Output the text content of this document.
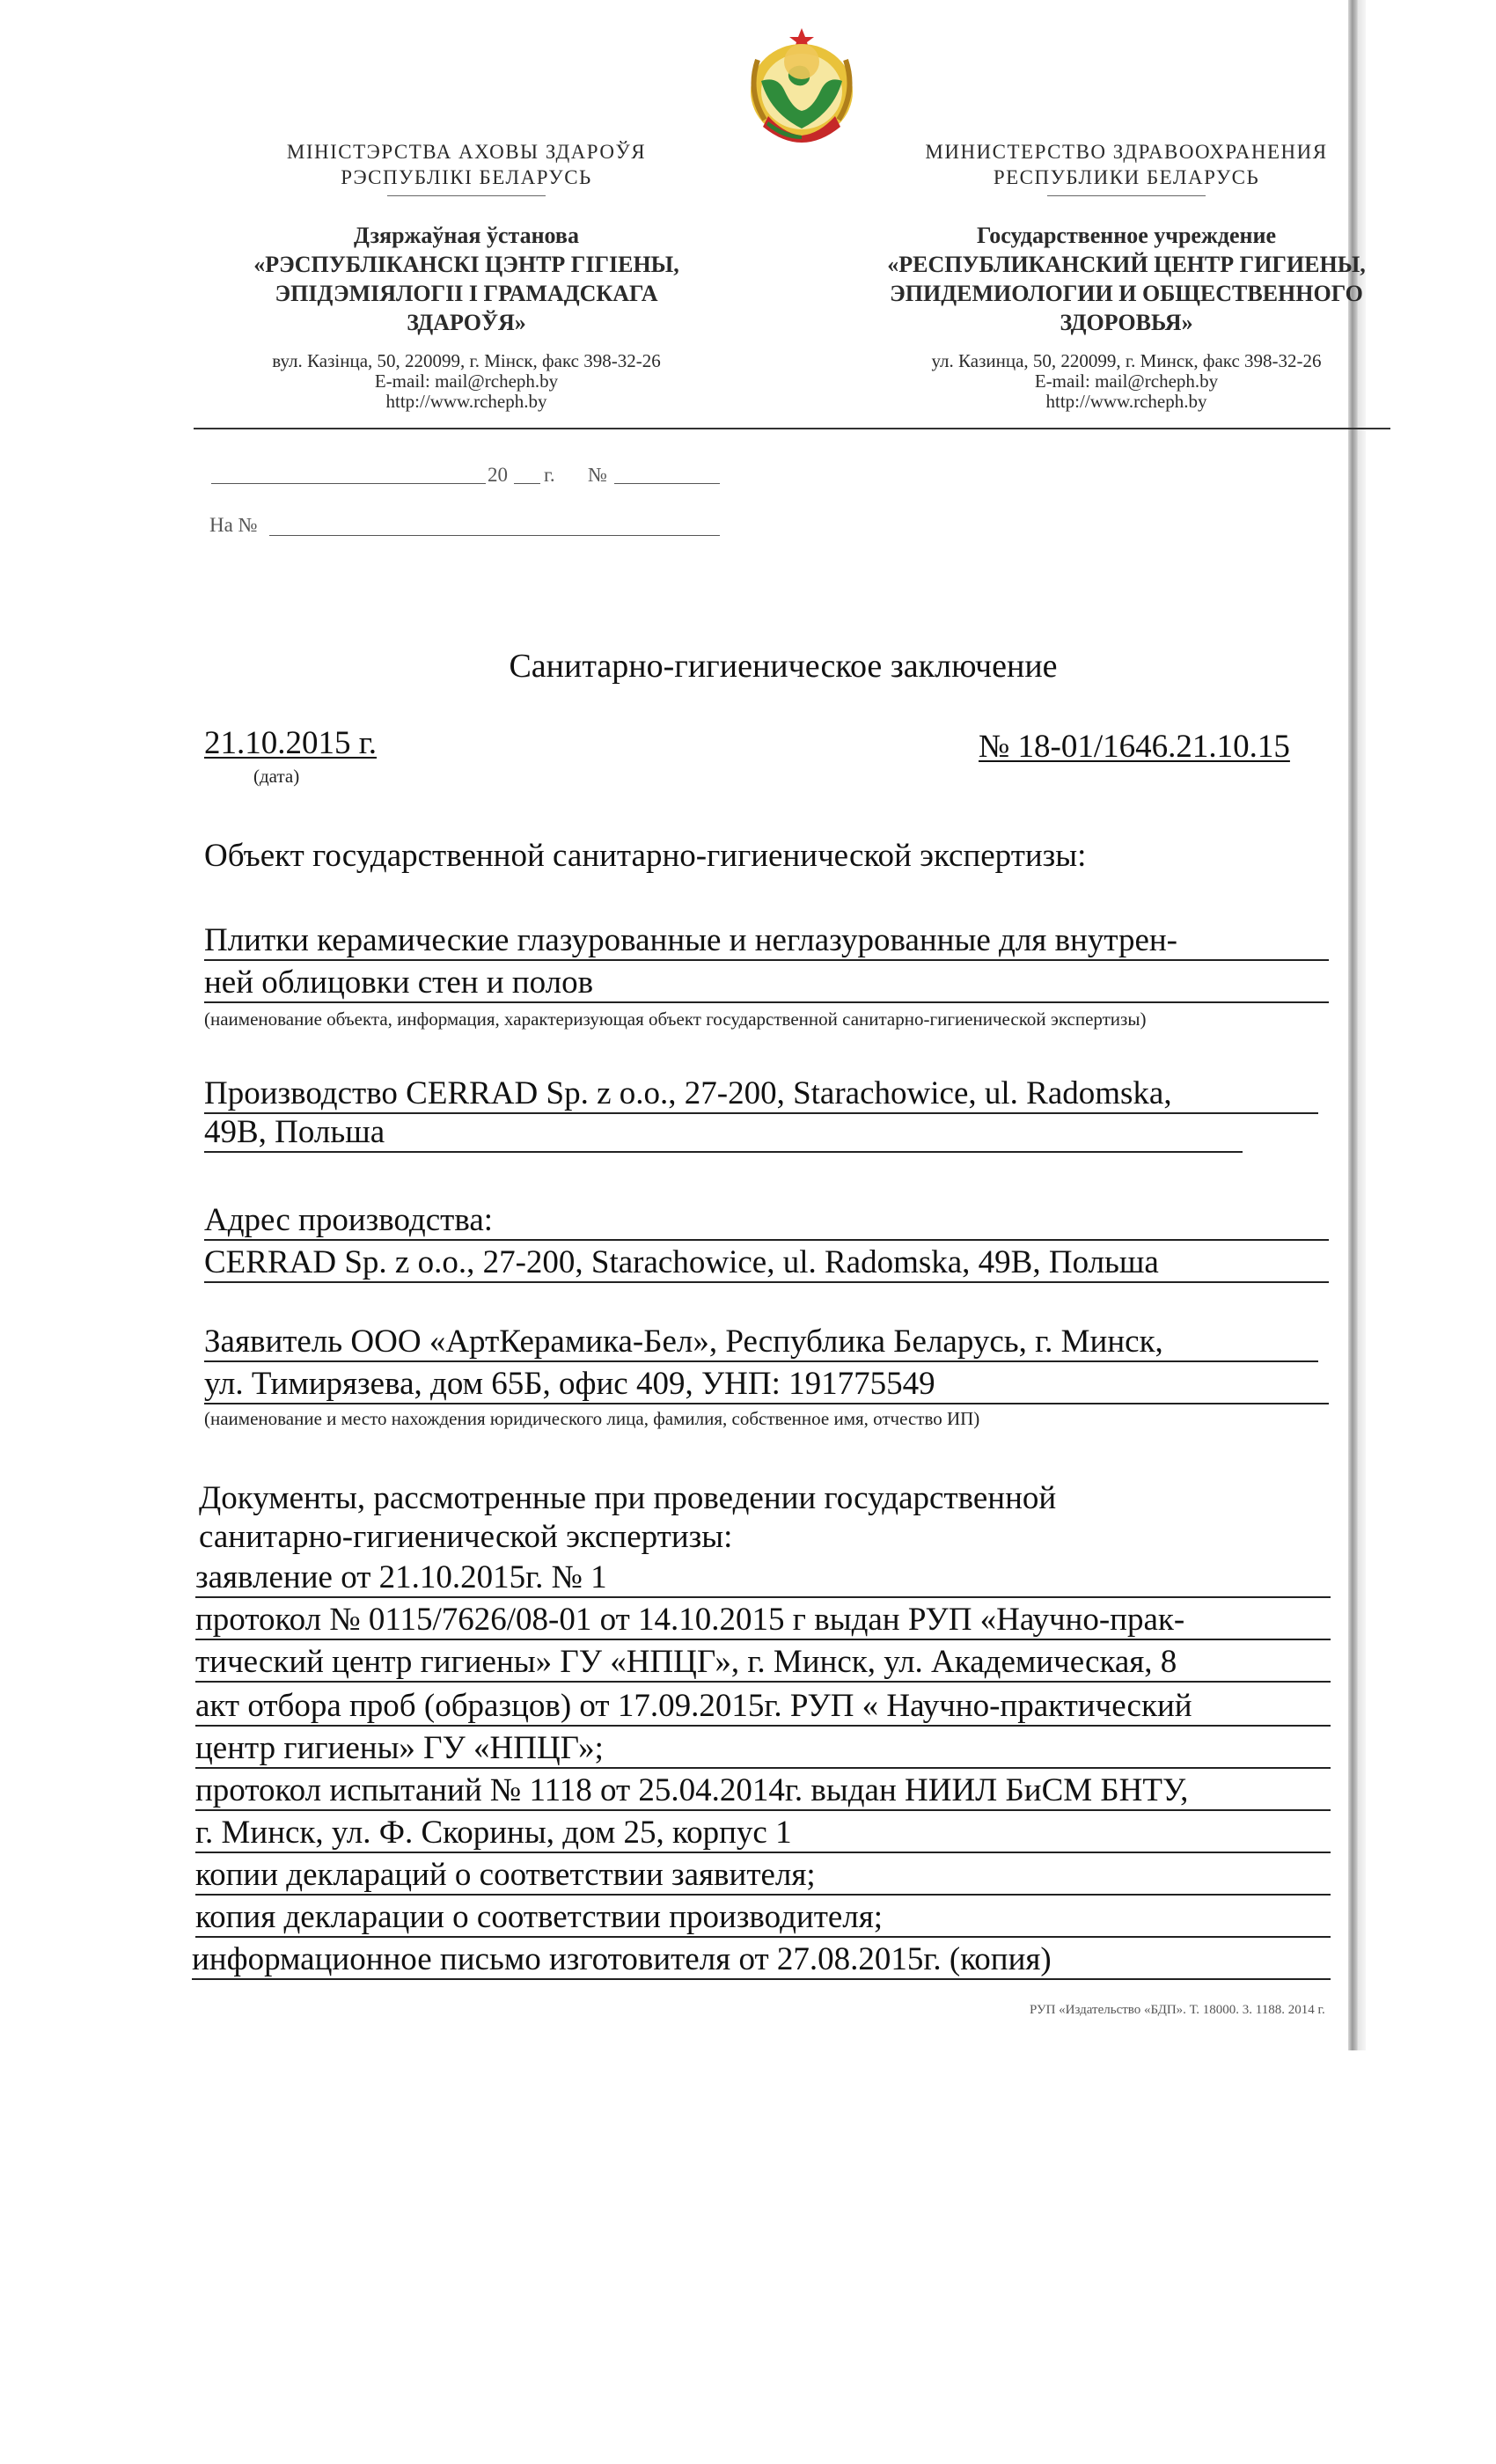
МІНІСТЭРСТВА АХОВЫ ЗДАРОЎЯ
РЭСПУБЛІКІ БЕЛАРУСЬ
Дзяржаўная ўстанова
«РЭСПУБЛІКАНСКІ ЦЭНТР ГІГІЕНЫ,
ЭПІДЭМІЯЛОГІІ І ГРАМАДСКАГА
ЗДАРОЎЯ»
вул. Казінца, 50, 220099, г. Мінск, факс 398-32-26
E-mail: mail@rcheph.by
http://www.rcheph.by
МИНИСТЕРСТВО ЗДРАВООХРАНЕНИЯ
РЕСПУБЛИКИ БЕЛАРУСЬ
Государственное учреждение
«РЕСПУБЛИКАНСКИЙ ЦЕНТР ГИГИЕНЫ,
ЭПИДЕМИОЛОГИИ И ОБЩЕСТВЕННОГО
ЗДОРОВЬЯ»
ул. Казинца, 50, 220099, г. Минск, факс 398-32-26
E-mail: mail@rcheph.by
http://www.rcheph.by
20 г. №
На №
Санитарно-гигиеническое заключение
21.10.2015 г.
(дата)
№ 18-01/1646.21.10.15
Объект государственной санитарно-гигиенической экспертизы:
Плитки керамические глазурованные и неглазурованные для внутрен-
ней облицовки стен и полов
(наименование объекта, информация, характеризующая объект государственной санитарно-гигиенической экспертизы)
Производство CERRAD Sp. z o.o., 27-200, Starachowice, ul. Radomska,
49B, Польша
Адрес производства:
CERRAD Sp. z o.o., 27-200, Starachowice, ul. Radomska, 49B, Польша
Заявитель ООО «АртКерамика-Бел», Республика Беларусь, г. Минск,
ул. Тимирязева, дом 65Б, офис 409, УНП: 191775549
(наименование и место нахождения юридического лица, фамилия, собственное имя, отчество ИП)
Документы, рассмотренные при проведении государственной
санитарно-гигиенической экспертизы:
заявление от 21.10.2015г. № 1
протокол № 0115/7626/08-01 от 14.10.2015 г выдан РУП «Научно-прак-
тический центр гигиены» ГУ «НПЦГ», г. Минск, ул. Академическая, 8
акт отбора проб (образцов) от 17.09.2015г. РУП « Научно-практический
центр гигиены» ГУ «НПЦГ»;
протокол испытаний № 1118 от 25.04.2014г. выдан НИИЛ БиСМ БНТУ,
г. Минск, ул. Ф. Скорины, дом 25, корпус 1
копии деклараций о соответствии заявителя;
копия декларации о соответствии производителя;
информационное письмо изготовителя от 27.08.2015г. (копия)
РУП «Издательство «БДП». Т. 18000. 3. 1188. 2014 г.
